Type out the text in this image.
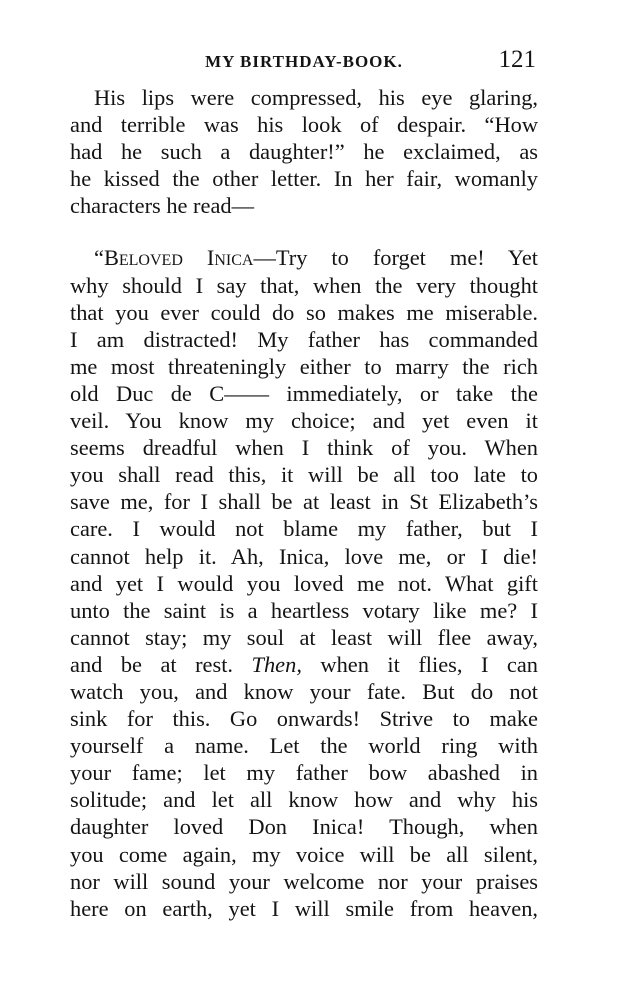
MY BIRTHDAY-BOOK.	121
His lips were compressed, his eye glaring,
and terrible was his look of despair. “How
had he such a daughter!” he exclaimed, as
he kissed the other letter. In her fair, womanly
characters he read—
“Beloved Inica—Try to forget me! Yet
why should I say that, when the very thought
that you ever could do so makes me miserable.
I am distracted! My father has commanded
me most threateningly either to marry the rich
old Duc de C—— immediately, or take the
veil. You know my choice; and yet even it
seems dreadful when I think of you. When
you shall read this, it will be all too late to
save me, for I shall be at least in St Elizabeth’s
care. I would not blame my father, but I
cannot help it. Ah, Inica, love me, or I die!
and yet I would you loved me not. What gift
unto the saint is a heartless votary like me? I
cannot stay; my soul at least will flee away,
and be at rest. Then, when it flies, I can
watch you, and know your fate. But do not
sink for this. Go onwards! Strive to make
yourself a name. Let the world ring with
your fame; let my father bow abashed in
solitude; and let all know how and why his
daughter loved Don Inica! Though, when
you come again, my voice will be all silent,
nor will sound your welcome nor your praises
here on earth, yet I will smile from heaven,
